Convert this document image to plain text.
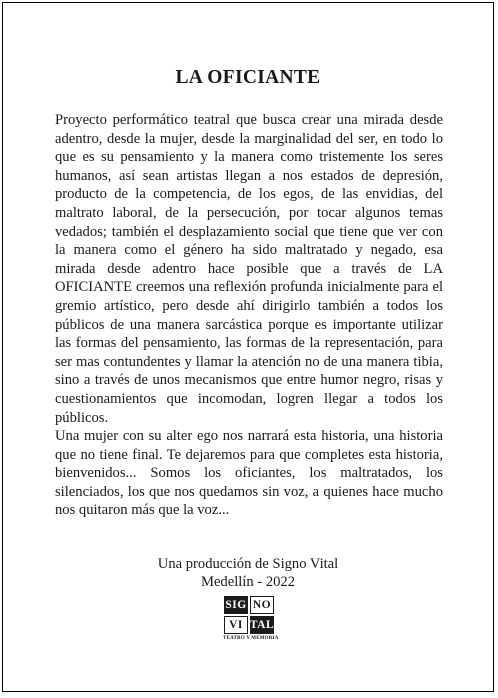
LA OFICIANTE

Proyecto performático teatral que busca crear una mirada desde adentro, desde la mujer, desde la marginalidad del ser, en todo lo que es su pensamiento y la manera como tristemente los seres humanos, así sean artistas llegan a nos estados de depresión, producto de la competencia, de los egos, de las envidias, del maltrato laboral, de la persecución, por tocar algunos temas vedados; también el desplazamiento social que tiene que ver con la manera como el género ha sido maltratado y negado, esa mirada desde adentro hace posible que a través de LA OFICIANTE creemos una reflexión profunda inicialmente para el gremio artístico, pero desde ahí dirigirlo también a todos los públicos de una manera sarcástica porque es importante utilizar las formas del pensamiento, las formas de la representación, para ser mas contundentes y llamar la atención no de una manera tibia, sino a través de unos mecanismos que entre humor negro, risas y cuestionamientos que incomodan, logren llegar a todos los públicos.

Una mujer con su alter ego nos narrará esta historia, una historia que no tiene final. Te dejaremos para que completes esta historia, bienvenidos... Somos los oficiantes, los maltratados, los silenciados, los que nos quedamos sin voz, a quienes hace mucho nos quitaron más que la voz...

Una producción de Signo Vital
Medellín - 2022
SIG NO
VI TAL
TEATRO Y MEMORIA
